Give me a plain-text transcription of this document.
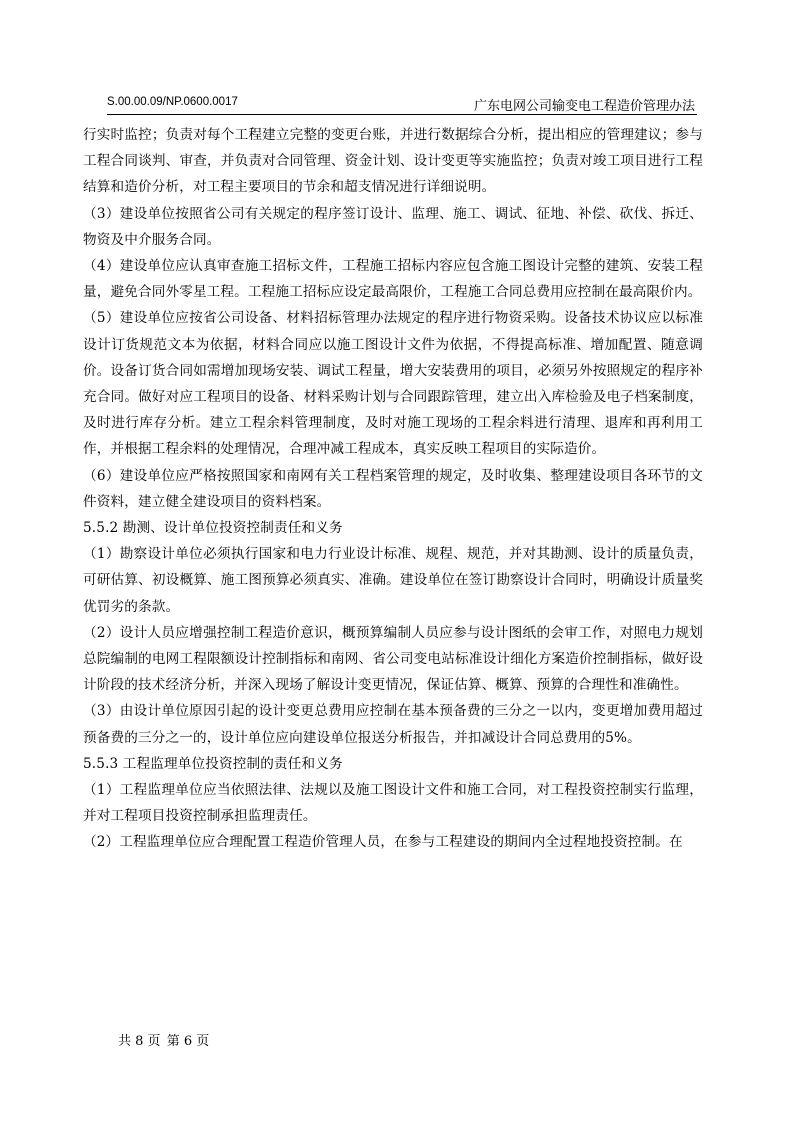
S.00.00.09/NP.0600.0017	广东电网公司输变电工程造价管理办法

行实时监控；负责对每个工程建立完整的变更台账，并进行数据综合分析，提出相应的管理建议；参与工程合同谈判、审查，并负责对合同管理、资金计划、设计变更等实施监控；负责对竣工项目进行工程结算和造价分析，对工程主要项目的节余和超支情况进行详细说明。

（3）建设单位按照省公司有关规定的程序签订设计、监理、施工、调试、征地、补偿、砍伐、拆迁、物资及中介服务合同。

（4）建设单位应认真审查施工招标文件，工程施工招标内容应包含施工图设计完整的建筑、安装工程量，避免合同外零星工程。工程施工招标应设定最高限价，工程施工合同总费用应控制在最高限价内。

（5）建设单位应按省公司设备、材料招标管理办法规定的程序进行物资采购。设备技术协议应以标准设计订货规范文本为依据，材料合同应以施工图设计文件为依据，不得提高标准、增加配置、随意调价。设备订货合同如需增加现场安装、调试工程量，增大安装费用的项目，必须另外按照规定的程序补充合同。做好对应工程项目的设备、材料采购计划与合同跟踪管理，建立出入库检验及电子档案制度，及时进行库存分析。建立工程余料管理制度，及时对施工现场的工程余料进行清理、退库和再利用工作，并根据工程余料的处理情况，合理冲减工程成本，真实反映工程项目的实际造价。

（6）建设单位应严格按照国家和南网有关工程档案管理的规定，及时收集、整理建设项目各环节的文件资料，建立健全建设项目的资料档案。

5.5.2 勘测、设计单位投资控制责任和义务

（1）勘察设计单位必须执行国家和电力行业设计标准、规程、规范，并对其勘测、设计的质量负责，可研估算、初设概算、施工图预算必须真实、准确。建设单位在签订勘察设计合同时，明确设计质量奖优罚劣的条款。

（2）设计人员应增强控制工程造价意识，概预算编制人员应参与设计图纸的会审工作，对照电力规划总院编制的电网工程限额设计控制指标和南网、省公司变电站标准设计细化方案造价控制指标，做好设计阶段的技术经济分析，并深入现场了解设计变更情况，保证估算、概算、预算的合理性和准确性。

（3）由设计单位原因引起的设计变更总费用应控制在基本预备费的三分之一以内，变更增加费用超过预备费的三分之一的，设计单位应向建设单位报送分析报告，并扣减设计合同总费用的5%。

5.5.3 工程监理单位投资控制的责任和义务

（1）工程监理单位应当依照法律、法规以及施工图设计文件和施工合同，对工程投资控制实行监理，并对工程项目投资控制承担监理责任。

（2）工程监理单位应合理配置工程造价管理人员，在参与工程建设的期间内全过程地投资控制。在

共 8 页 第 6 页
